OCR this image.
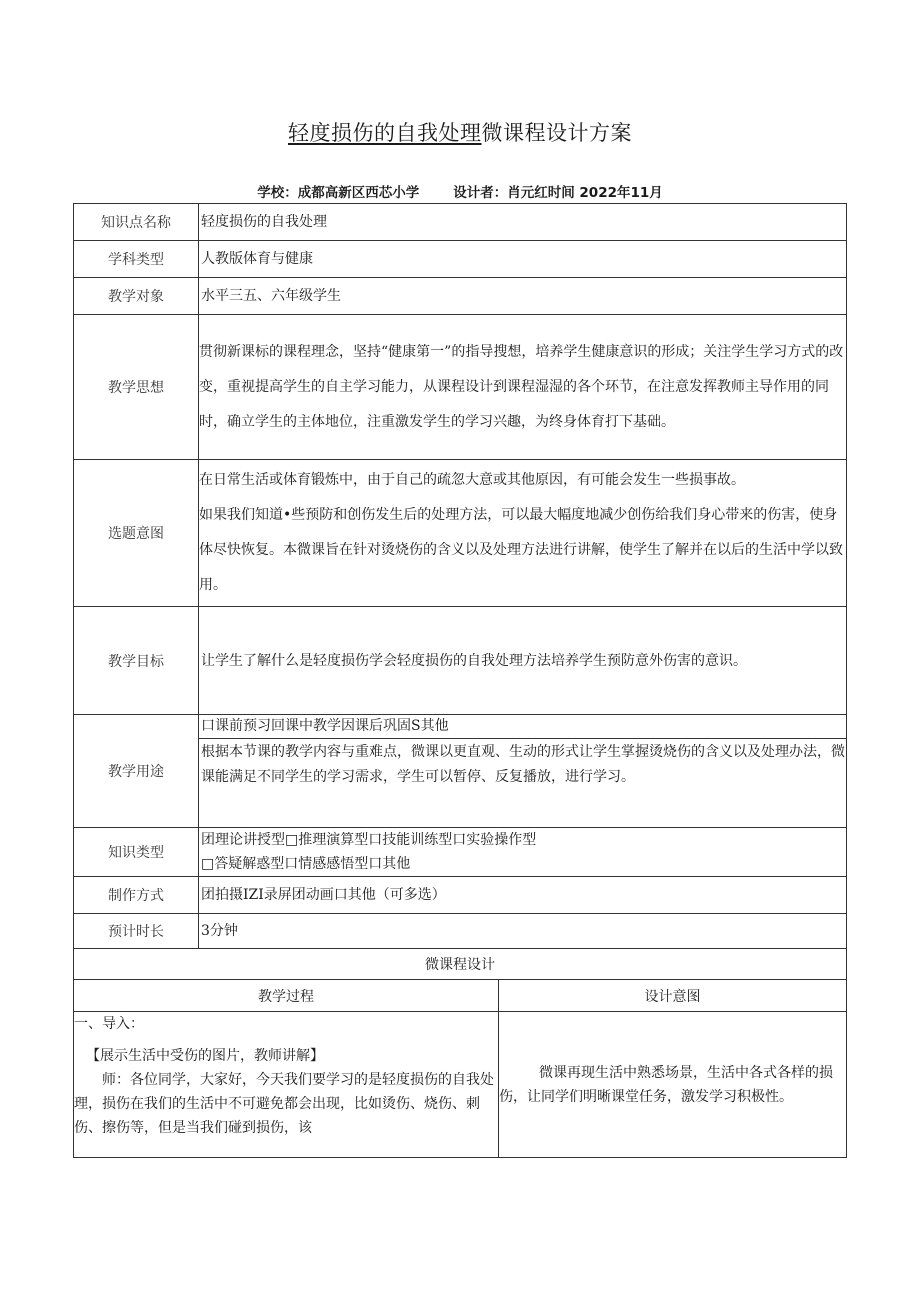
轻度损伤的自我处理微课程设计方案
学校：成都高新区西芯小学	设计者：肖元红时间 2022年11月
知识点名称	轻度损伤的自我处理	
学科类型	人教版体育与健康	
教学对象	水平三五、六年级学生	
教学思想	贯彻新课标的课程理念，坚持“健康第一”的指导搜想，培养学生健康意识的形成；关注学生学习方式的改变，重视提高学生的自主学习能力，从课程设计到课程湿湿的各个环节，在注意发挥教师主导作用的同时，确立学生的主体地位，注重激发学生的学习兴趣，为终身体育打下基础。	
选题意图	在日常生活或体育锻炼中，由于自己的疏忽大意或其他原因，有可能会发生一些损事故。
如果我们知道•些预防和创伤发生后的处理方法，可以最大幅度地减少创伤给我们身心带来的伤害，使身体尽快恢复。本微课旨在针对烫烧伤的含义以及处理方法进行讲解，使学生了解并在以后的生活中学以致用。	

教学目标	让学生了解什么是轻度损伤学会轻度损伤的自我处理方法培养学生预防意外伤害的意识。	
教学用途	口课前预习回课中教学因课后巩固S其他
根据本节课的教学内容与重难点，微课以更直观、生动的形式让学生掌握烫烧伤的含义以及处理办法，微课能满足不同学生的学习需求，学生可以暂停、反复播放，进行学习。	

知识类型	团理论讲授型□推理演算型口技能训练型口实验操作型
□答疑解惑型口情感感悟型口其他	

制作方式	团拍摄IZI录屏团动画口其他（可多选）	
预计时长	3分钟	
微课程设计		
教学过程		设计意图

一、导入：
【展示生活中受伤的图片，教师讲解】
师：各位同学，大家好，今天我们要学习的是轻度损伤的自我处理，损伤在我们的生活中不可避免都会出现，比如烫伤、烧伤、刺伤、擦伤等，但是当我们碰到损伤，该		微课再现生活中熟悉场景，生活中各式各样的损伤，让同学们明晰课堂任务，激发学习积极性。
